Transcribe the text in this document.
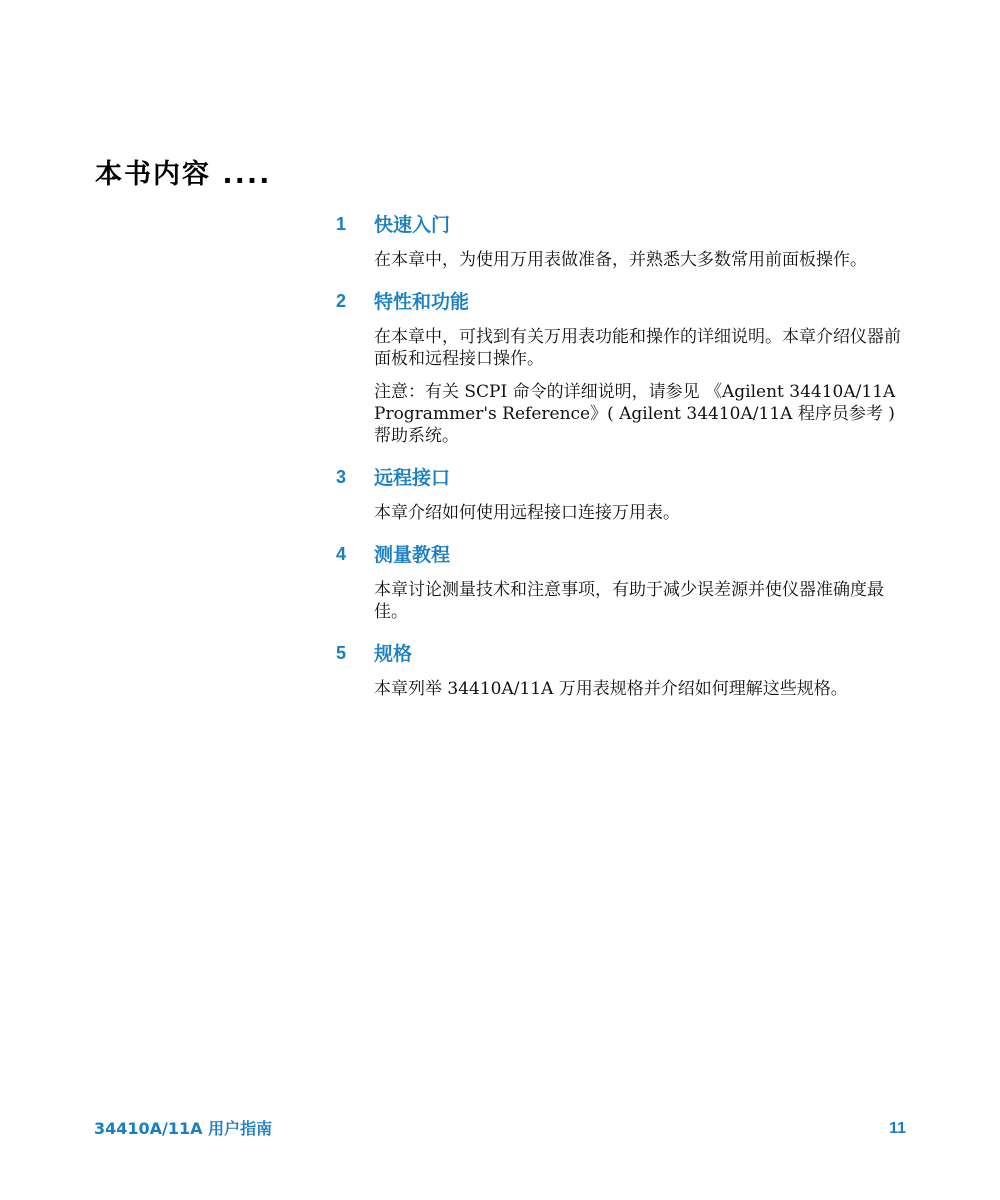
本书内容 ....
1	快速入门

在本章中，为使用万用表做准备，并熟悉大多数常用前面板操作。

2	特性和功能

在本章中，可找到有关万用表功能和操作的详细说明。本章介绍仪器前面板和远程接口操作。

注意：有关 SCPI 命令的详细说明，请参见 《Agilent 34410A/11A Programmer's Reference》( Agilent 34410A/11A 程序员参考 ) 帮助系统。

3	远程接口

本章介绍如何使用远程接口连接万用表。

4	测量教程

本章讨论测量技术和注意事项，有助于减少误差源并使仪器准确度最佳。

5	规格

本章列举 34410A/11A 万用表规格并介绍如何理解这些规格。

34410A/11A 用户指南	11
